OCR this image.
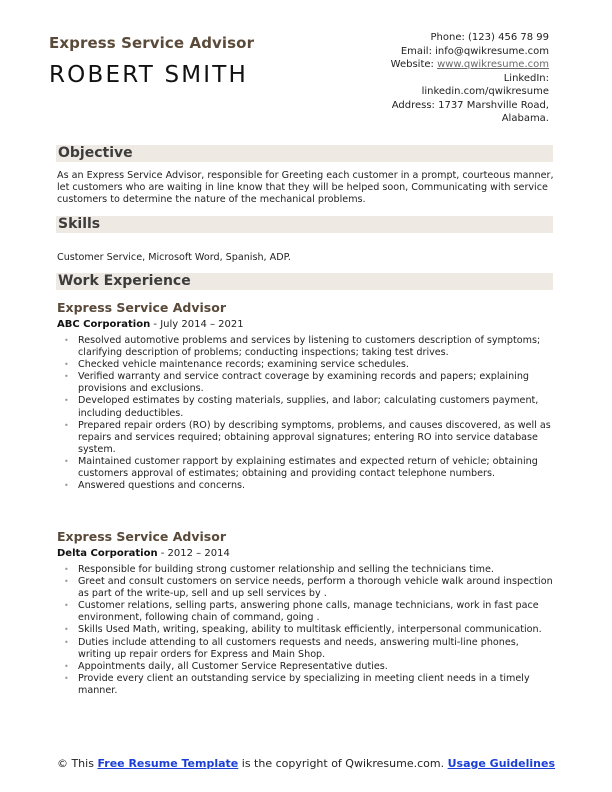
Express Service Advisor
ROBERT SMITH
Phone: (123) 456 78 99
Email: info@qwikresume.com
Website: www.qwikresume.com
LinkedIn:
linkedin.com/qwikresume
Address: 1737 Marshville Road,
Alabama.
Objective
As an Express Service Advisor, responsible for Greeting each customer in a prompt, courteous manner, let customers who are waiting in line know that they will be helped soon, Communicating with service customers to determine the nature of the mechanical problems.
Skills
Customer Service, Microsoft Word, Spanish, ADP.
Work Experience
Express Service Advisor
ABC Corporation - July 2014 – 2021
• Resolved automotive problems and services by listening to customers description of symptoms; clarifying description of problems; conducting inspections; taking test drives.
• Checked vehicle maintenance records; examining service schedules.
• Verified warranty and service contract coverage by examining records and papers; explaining provisions and exclusions.
• Developed estimates by costing materials, supplies, and labor; calculating customers payment, including deductibles.
• Prepared repair orders (RO) by describing symptoms, problems, and causes discovered, as well as repairs and services required; obtaining approval signatures; entering RO into service database system.
• Maintained customer rapport by explaining estimates and expected return of vehicle; obtaining customers approval of estimates; obtaining and providing contact telephone numbers.
• Answered questions and concerns.
Express Service Advisor
Delta Corporation - 2012 – 2014
• Responsible for building strong customer relationship and selling the technicians time.
• Greet and consult customers on service needs, perform a thorough vehicle walk around inspection as part of the write-up, sell and up sell services by .
• Customer relations, selling parts, answering phone calls, manage technicians, work in fast pace environment, following chain of command, going .
• Skills Used Math, writing, speaking, ability to multitask efficiently, interpersonal communication.
• Duties include attending to all customers requests and needs, answering multi-line phones, writing up repair orders for Express and Main Shop.
• Appointments daily, all Customer Service Representative duties.
• Provide every client an outstanding service by specializing in meeting client needs in a timely manner.
© This Free Resume Template is the copyright of Qwikresume.com. Usage Guidelines
